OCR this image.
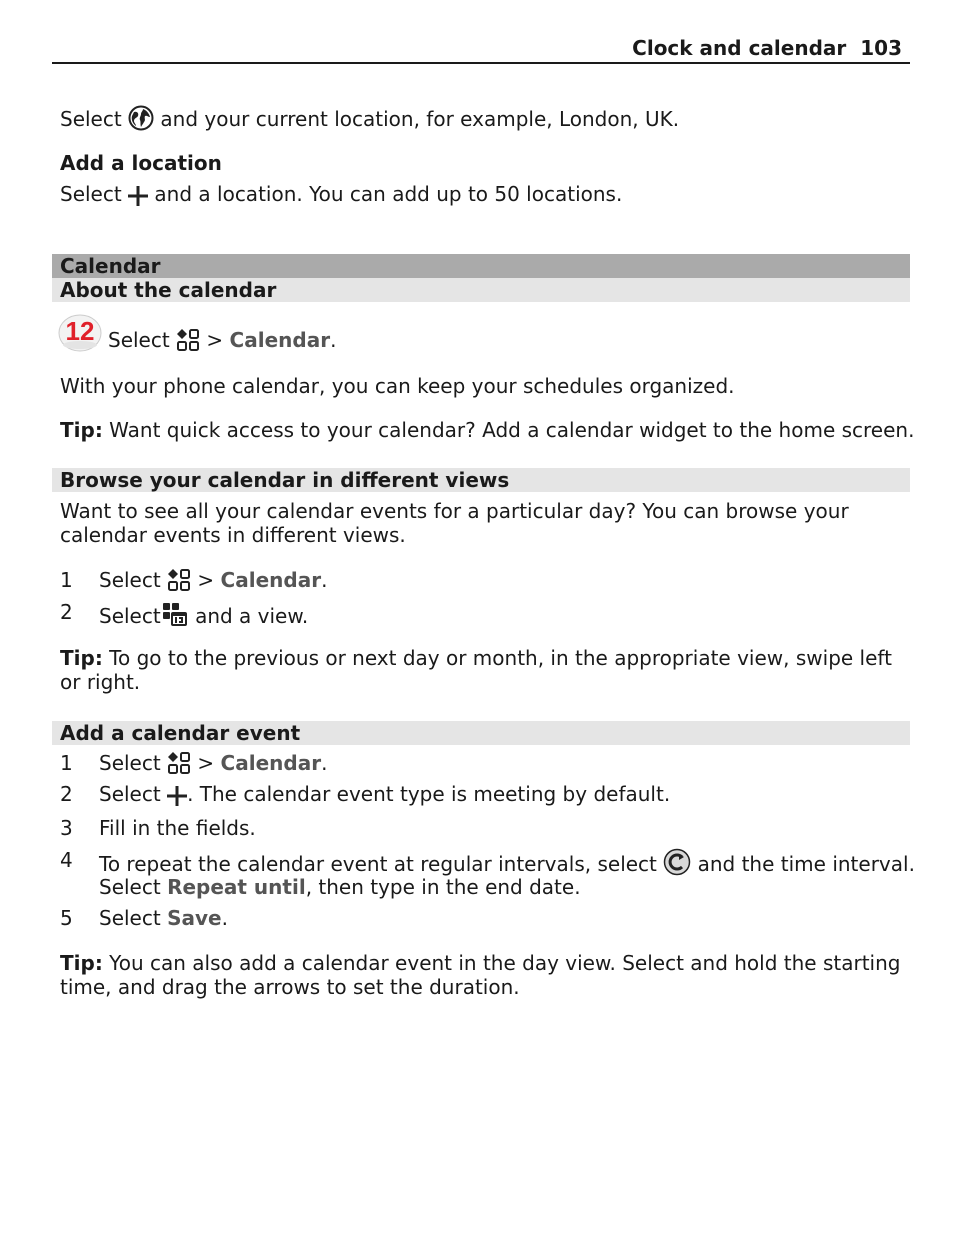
Clock and calendar 103
Select and your current location, for example, London, UK.
Add a location
Select and a location. You can add up to 50 locations.
Calendar
About the calendar
12 Select > Calendar.
With your phone calendar, you can keep your schedules organized.
Tip: Want quick access to your calendar? Add a calendar widget to the home screen.
Browse your calendar in different views
Want to see all your calendar events for a particular day? You can browse your
calendar events in different views.
1 Select > Calendar.
2 Select and a view.
Tip: To go to the previous or next day or month, in the appropriate view, swipe left
or right.
Add a calendar event
1 Select > Calendar.
2 Select . The calendar event type is meeting by default.
3 Fill in the fields.
4 To repeat the calendar event at regular intervals, select and the time interval.
Select Repeat until, then type in the end date.
5 Select Save.
Tip: You can also add a calendar event in the day view. Select and hold the starting
time, and drag the arrows to set the duration.
